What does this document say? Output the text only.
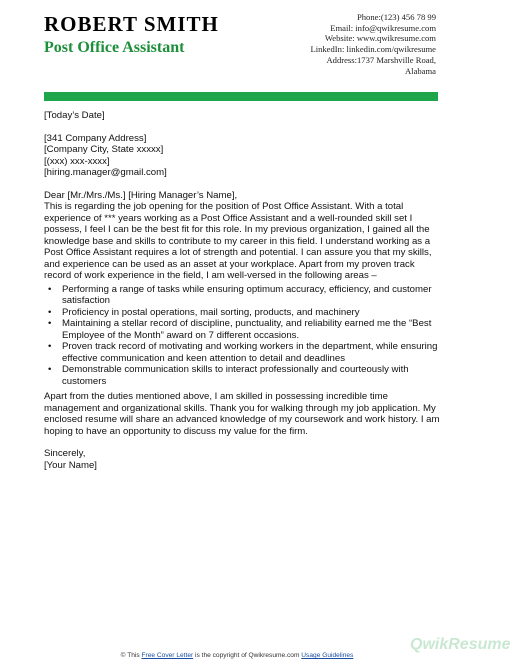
ROBERT SMITH
Post Office Assistant
Phone:(123) 456 78 99
Email: info@qwikresume.com
Website: www.qwikresume.com
LinkedIn: linkedin.com/qwikresume
Address:1737 Marshville Road,
Alabama

[Today’s Date]

[341 Company Address]

[Company City, State xxxxx]

[(xxx) xxx-xxxx]

[hiring.manager@gmail.com]

Dear [Mr./Mrs./Ms.] [Hiring Manager’s Name],

This is regarding the job opening for the position of Post Office Assistant. With a total experience of *** years working as a Post Office Assistant and a well-rounded skill set I possess, I feel I can be the best fit for this role. In my previous organization, I gained all the knowledge base and skills to contribute to my career in this field. I understand working as a Post Office Assistant requires a lot of strength and potential. I can assure you that my skills, and experience can be used as an asset at your workplace. Apart from my proven track record of work experience in the field, I am well-versed in the following areas –

• Performing a range of tasks while ensuring optimum accuracy, efficiency, and customer satisfaction
• Proficiency in postal operations, mail sorting, products, and machinery
• Maintaining a stellar record of discipline, punctuality, and reliability earned me the “Best Employee of the Month” award on 7 different occasions.
• Proven track record of motivating and working workers in the department, while ensuring effective communication and keen attention to detail and deadlines
• Demonstrable communication skills to interact professionally and courteously with customers

Apart from the duties mentioned above, I am skilled in possessing incredible time management and organizational skills. Thank you for walking through my job application. My enclosed resume will share an advanced knowledge of my coursework and work history. I am hoping to have an opportunity to discuss my value for the firm.

Sincerely,

[Your Name]

QwikResume
© This Free Cover Letter is the copyright of Qwikresume.com Usage Guidelines
